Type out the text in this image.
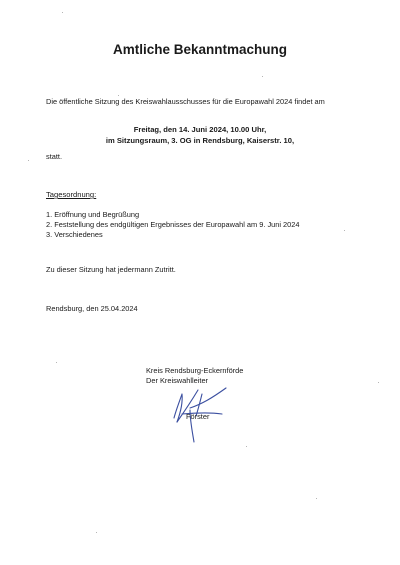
Amtliche Bekanntmachung
Die öffentliche Sitzung des Kreiswahlausschusses für die Europawahl 2024 findet am
Freitag, den 14. Juni 2024, 10.00 Uhr,
im Sitzungsraum, 3. OG in Rendsburg, Kaiserstr. 10,
statt.
Tagesordnung:
1. Eröffnung und Begrüßung
2. Feststellung des endgültigen Ergebnisses der Europawahl am 9. Juni 2024
3. Verschiedenes
Zu dieser Sitzung hat jedermann Zutritt.
Rendsburg, den 25.04.2024
Kreis Rendsburg-Eckernförde
Der Kreiswahlleiter
Förster
